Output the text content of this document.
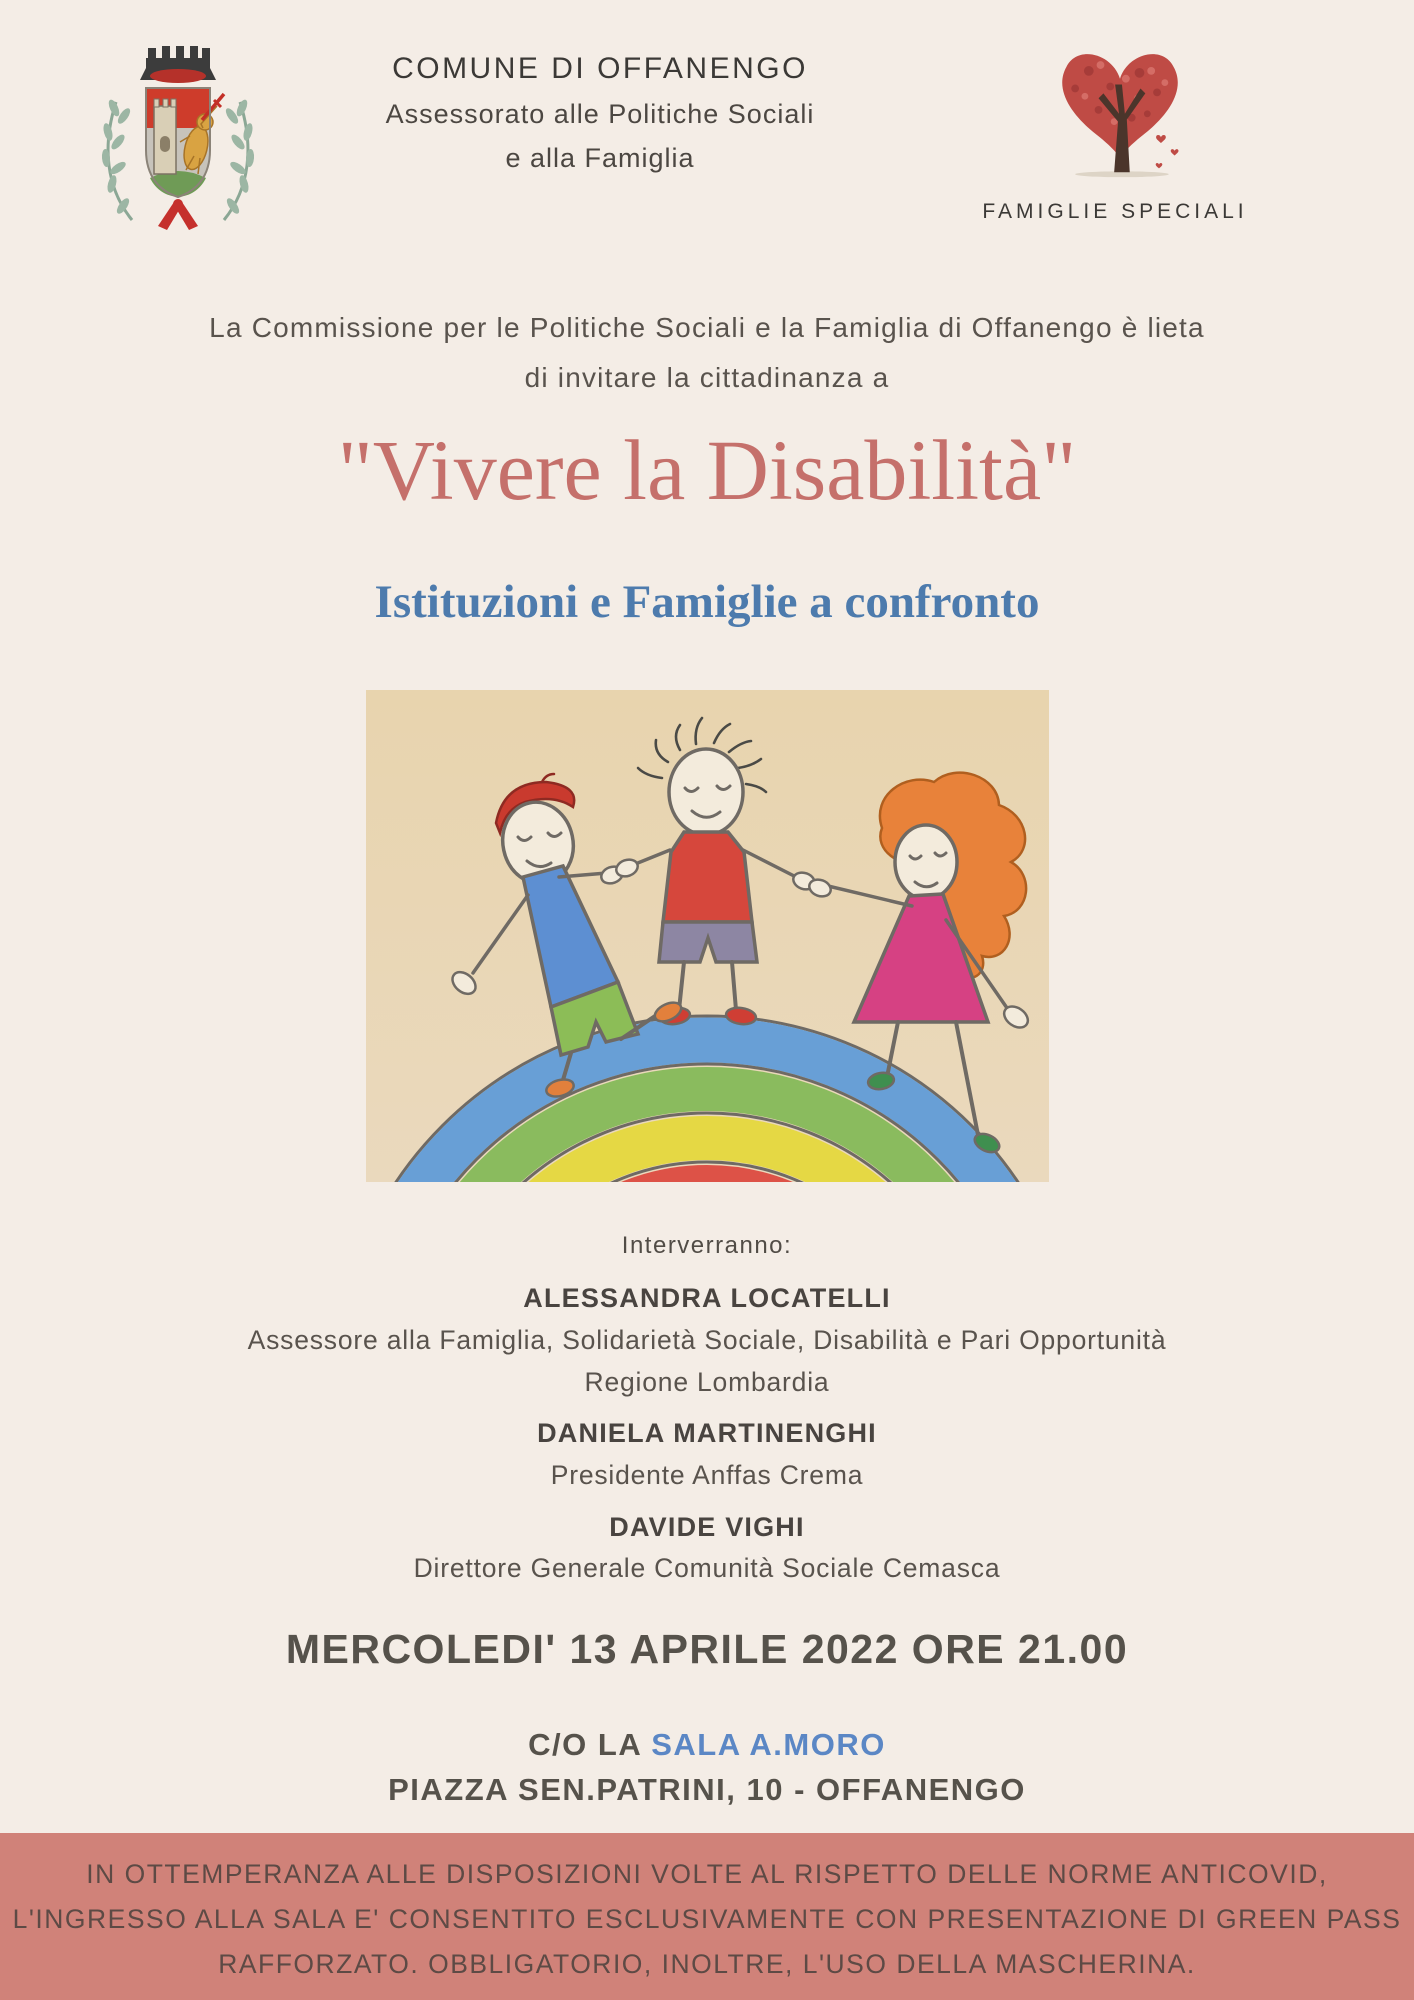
COMUNE DI OFFANENGO
Assessorato alle Politiche Sociali
e alla Famiglia
FAMIGLIE SPECIALI
La Commissione per le Politiche Sociali e la Famiglia di Offanengo è lieta
di invitare la cittadinanza a
"Vivere la Disabilità"
Istituzioni e Famiglie a confronto
Interverranno:
ALESSANDRA LOCATELLI
Assessore alla Famiglia, Solidarietà Sociale, Disabilità e Pari Opportunità
Regione Lombardia
DANIELA MARTINENGHI
Presidente Anffas Crema
DAVIDE VIGHI
Direttore Generale Comunità Sociale Cemasca
MERCOLEDI' 13 APRILE 2022 ORE 21.00
C/O LA SALA A.MORO
PIAZZA SEN.PATRINI, 10 - OFFANENGO
IN OTTEMPERANZA ALLE DISPOSIZIONI VOLTE AL RISPETTO DELLE NORME ANTICOVID,
L'INGRESSO ALLA SALA E' CONSENTITO ESCLUSIVAMENTE CON PRESENTAZIONE DI GREEN PASS
RAFFORZATO. OBBLIGATORIO, INOLTRE, L'USO DELLA MASCHERINA.
